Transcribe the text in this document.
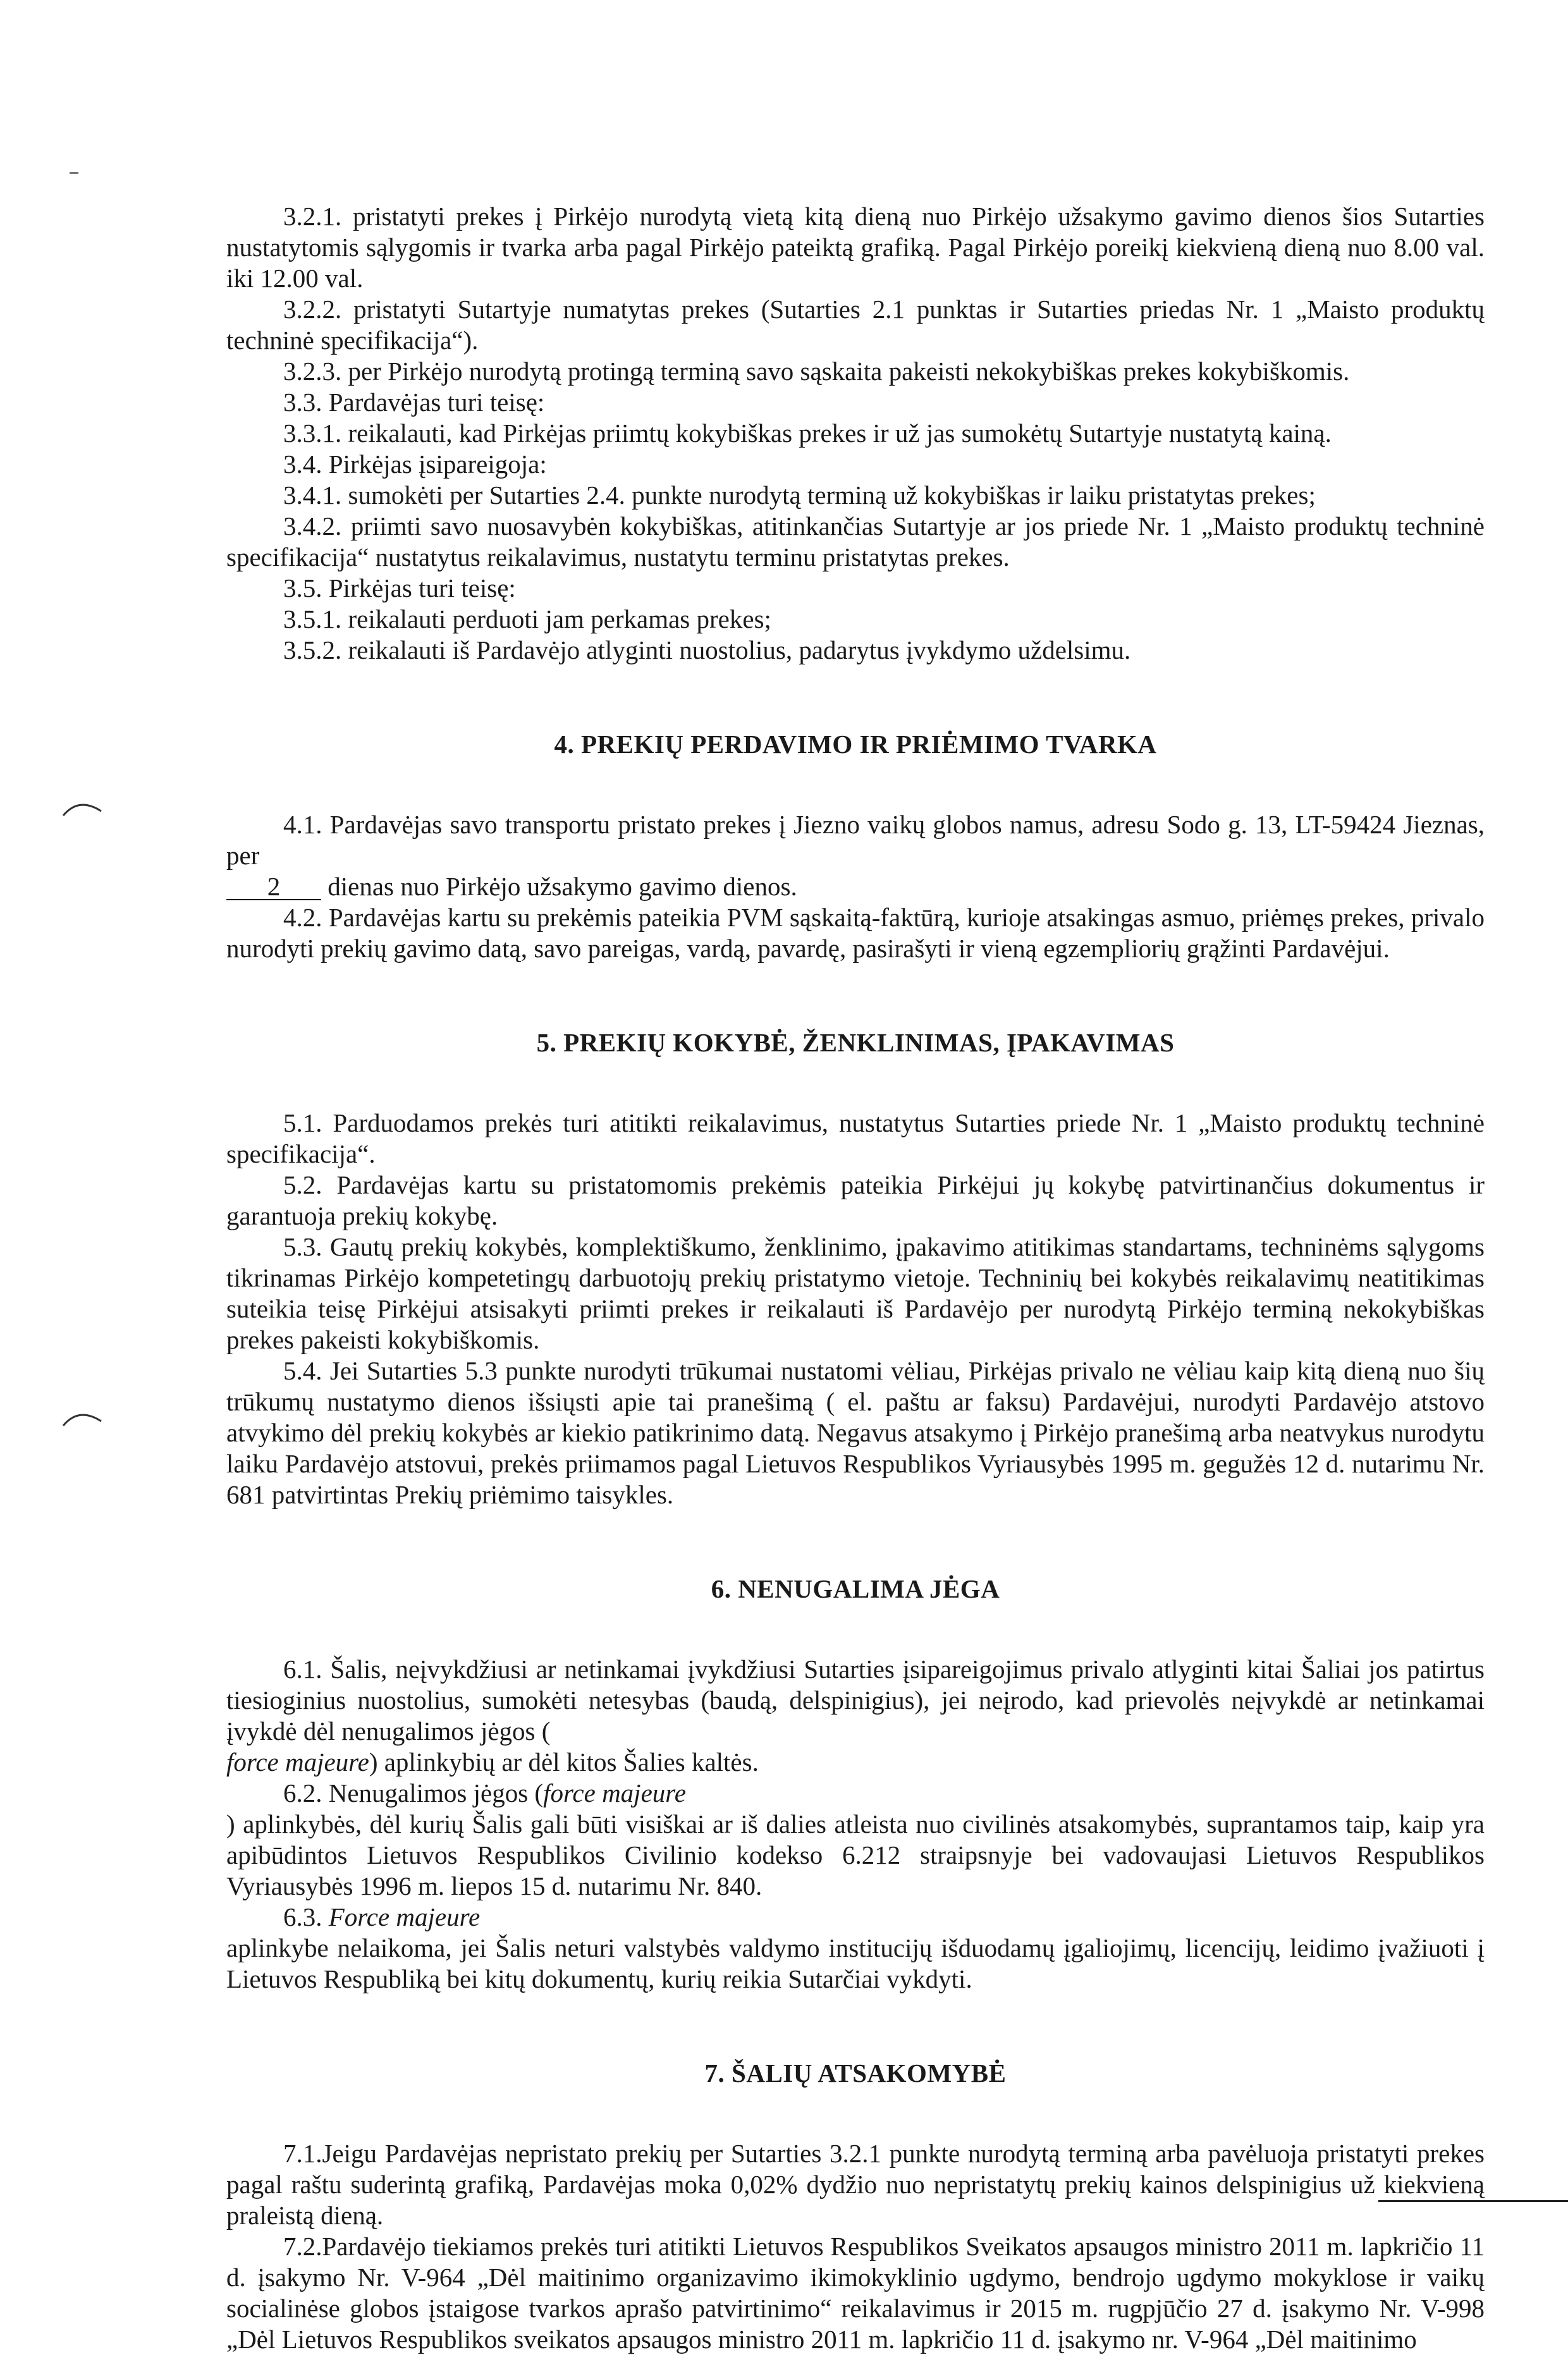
3.2.1. pristatyti prekes į Pirkėjo nurodytą vietą kitą dieną nuo Pirkėjo užsakymo gavimo dienos šios Sutarties nustatytomis sąlygomis ir tvarka arba pagal Pirkėjo pateiktą grafiką. Pagal Pirkėjo poreikį kiekvieną dieną nuo 8.00 val. iki 12.00 val.
3.2.2. pristatyti Sutartyje numatytas prekes (Sutarties 2.1 punktas ir Sutarties priedas Nr. 1 „Maisto produktų techninė specifikacija“).
3.2.3. per Pirkėjo nurodytą protingą terminą savo sąskaita pakeisti nekokybiškas prekes kokybiškomis.
3.3. Pardavėjas turi teisę:
3.3.1. reikalauti, kad Pirkėjas priimtų kokybiškas prekes ir už jas sumokėtų Sutartyje nustatytą kainą.
3.4. Pirkėjas įsipareigoja:
3.4.1. sumokėti per Sutarties 2.4. punkte nurodytą terminą už kokybiškas ir laiku pristatytas prekes;
3.4.2. priimti savo nuosavybėn kokybiškas, atitinkančias Sutartyje ar jos priede Nr. 1 „Maisto produktų techninė specifikacija“ nustatytus reikalavimus, nustatytu terminu pristatytas prekes.
3.5. Pirkėjas turi teisę:
3.5.1. reikalauti perduoti jam perkamas prekes;
3.5.2. reikalauti iš Pardavėjo atlyginti nuostolius, padarytus įvykdymo uždelsimu.
4. PREKIŲ PERDAVIMO IR PRIĖMIMO TVARKA
4.1. Pardavėjas savo transportu pristato prekes į Jiezno vaikų globos namus, adresu Sodo g. 13, LT-59424 Jieznas, per
2 dienas nuo Pirkėjo užsakymo gavimo dienos.
4.2. Pardavėjas kartu su prekėmis pateikia PVM sąskaitą-faktūrą, kurioje atsakingas asmuo, priėmęs prekes, privalo nurodyti prekių gavimo datą, savo pareigas, vardą, pavardę, pasirašyti ir vieną egzempliorių grąžinti Pardavėjui.
5. PREKIŲ KOKYBĖ, ŽENKLINIMAS, ĮPAKAVIMAS
5.1. Parduodamos prekės turi atitikti reikalavimus, nustatytus Sutarties priede Nr. 1 „Maisto produktų techninė specifikacija“.
5.2. Pardavėjas kartu su pristatomomis prekėmis pateikia Pirkėjui jų kokybę patvirtinančius dokumentus ir garantuoja prekių kokybę.
5.3. Gautų prekių kokybės, komplektiškumo, ženklinimo, įpakavimo atitikimas standartams, techninėms sąlygoms tikrinamas Pirkėjo kompetetingų darbuotojų prekių pristatymo vietoje. Techninių bei kokybės reikalavimų neatitikimas suteikia teisę Pirkėjui atsisakyti priimti prekes ir reikalauti iš Pardavėjo per nurodytą Pirkėjo terminą nekokybiškas prekes pakeisti kokybiškomis.
5.4. Jei Sutarties 5.3 punkte nurodyti trūkumai nustatomi vėliau, Pirkėjas privalo ne vėliau kaip kitą dieną nuo šių trūkumų nustatymo dienos išsiųsti apie tai pranešimą ( el. paštu ar faksu) Pardavėjui, nurodyti Pardavėjo atstovo atvykimo dėl prekių kokybės ar kiekio patikrinimo datą. Negavus atsakymo į Pirkėjo pranešimą arba neatvykus nurodytu laiku Pardavėjo atstovui, prekės priimamos pagal Lietuvos Respublikos Vyriausybės 1995 m. gegužės 12 d. nutarimu Nr. 681 patvirtintas Prekių priėmimo taisykles.
6. NENUGALIMA JĖGA
6.1. Šalis, neįvykdžiusi ar netinkamai įvykdžiusi Sutarties įsipareigojimus privalo atlyginti kitai Šaliai jos patirtus tiesioginius nuostolius, sumokėti netesybas (baudą, delspinigius), jei neįrodo, kad prievolės neįvykdė ar netinkamai įvykdė dėl nenugalimos jėgos (
force majeure) aplinkybių ar dėl kitos Šalies kaltės.
6.2. Nenugalimos jėgos (force majeure
) aplinkybės, dėl kurių Šalis gali būti visiškai ar iš dalies atleista nuo civilinės atsakomybės, suprantamos taip, kaip yra apibūdintos Lietuvos Respublikos Civilinio kodekso 6.212 straipsnyje bei vadovaujasi Lietuvos Respublikos Vyriausybės 1996 m. liepos 15 d. nutarimu Nr. 840.
6.3. Force majeure
aplinkybe nelaikoma, jei Šalis neturi valstybės valdymo institucijų išduodamų įgaliojimų, licencijų, leidimo įvažiuoti į Lietuvos Respubliką bei kitų dokumentų, kurių reikia Sutarčiai vykdyti.
7. ŠALIŲ ATSAKOMYBĖ
7.1.Jeigu Pardavėjas nepristato prekių per Sutarties 3.2.1 punkte nurodytą terminą arba pavėluoja pristatyti prekes pagal raštu suderintą grafiką, Pardavėjas moka 0,02% dydžio nuo nepristatytų prekių kainos delspinigius už kiekvieną praleistą dieną.
7.2.Pardavėjo tiekiamos prekės turi atitikti Lietuvos Respublikos Sveikatos apsaugos ministro 2011 m. lapkričio 11 d. įsakymo Nr. V-964 „Dėl maitinimo organizavimo ikimokyklinio ugdymo, bendrojo ugdymo mokyklose ir vaikų socialinėse globos įstaigose tvarkos aprašo patvirtinimo“ reikalavimus ir 2015 m. rugpjūčio 27 d. įsakymo Nr. V-998 „Dėl Lietuvos Respublikos sveikatos apsaugos ministro 2011 m. lapkričio 11 d. įsakymo nr. V-964 „Dėl maitinimo
